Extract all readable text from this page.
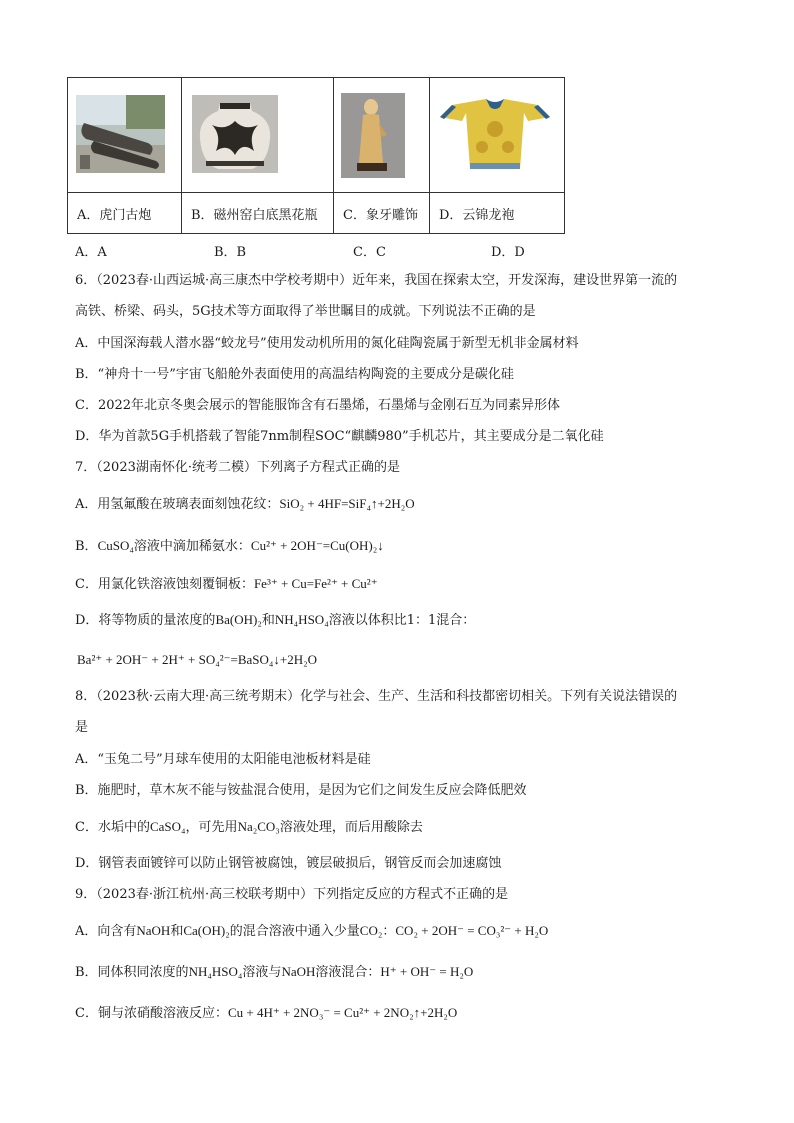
A．虎门古炮	B．磁州窑白底黑花瓶	C．象牙雕饰	D．云锦龙袍
A．A	B．B	C．C	D．D
6．（2023春·山西运城·高三康杰中学校考期中）近年来，我国在探索太空，开发深海，建设世界第一流的
高铁、桥梁、码头，5G技术等方面取得了举世瞩目的成就。下列说法不正确的是
A．中国深海载人潜水器“蛟龙号”使用发动机所用的氮化硅陶瓷属于新型无机非金属材料
B．“神舟十一号”宇宙飞船舱外表面使用的高温结构陶瓷的主要成分是碳化硅
C．2022年北京冬奥会展示的智能服饰含有石墨烯，石墨烯与金刚石互为同素异形体
D．华为首款5G手机搭载了智能7nm制程SOC“麒麟980”手机芯片，其主要成分是二氧化硅
7．（2023湖南怀化·统考二模）下列离子方程式正确的是
A．用氢氟酸在玻璃表面刻蚀花纹：SiO₂ + 4HF=SiF₄↑+2H₂O
B．CuSO₄溶液中滴加稀氨水：Cu²⁺ + 2OH⁻=Cu(OH)₂↓
C．用氯化铁溶液蚀刻覆铜板：Fe³⁺ + Cu=Fe²⁺ + Cu²⁺
D．将等物质的量浓度的Ba(OH)₂和NH₄HSO₄溶液以体积比1：1混合：
Ba²⁺ + 2OH⁻ + 2H⁺ + SO₄²⁻=BaSO₄↓+2H₂O
8．（2023秋·云南大理·高三统考期末）化学与社会、生产、生活和科技都密切相关。下列有关说法错误的
是
A．“玉兔二号”月球车使用的太阳能电池板材料是硅
B．施肥时，草木灰不能与铵盐混合使用，是因为它们之间发生反应会降低肥效
C．水垢中的CaSO₄，可先用Na₂CO₃溶液处理，而后用酸除去
D．钢管表面镀锌可以防止钢管被腐蚀，镀层破损后，钢管反而会加速腐蚀
9．（2023春·浙江杭州·高三校联考期中）下列指定反应的方程式不正确的是
A．向含有NaOH和Ca(OH)₂的混合溶液中通入少量CO₂：CO₂ + 2OH⁻ = CO₃²⁻ + H₂O
B．同体积同浓度的NH₄HSO₄溶液与NaOH溶液混合：H⁺ + OH⁻ = H₂O
C．铜与浓硝酸溶液反应：Cu + 4H⁺ + 2NO₃⁻ = Cu²⁺ + 2NO₂↑+2H₂O
